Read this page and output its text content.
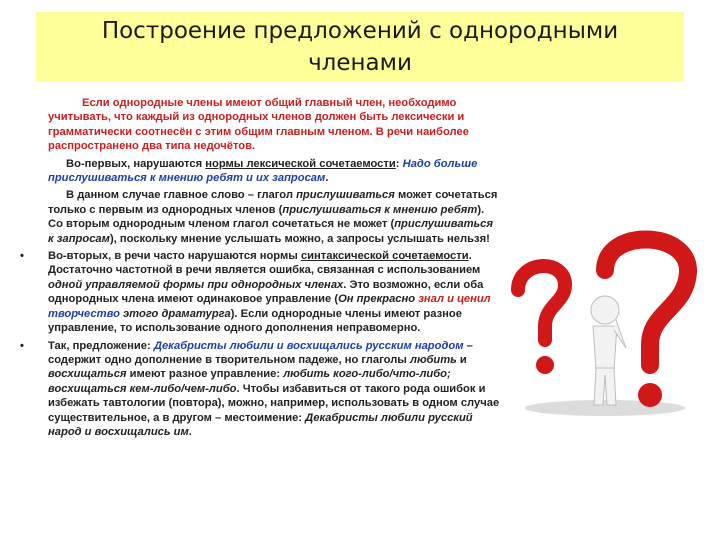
Построение предложений с однородными членами

Если однородные члены имеют общий главный член, необходимо учитывать, что каждый из однородных членов должен быть лексически и грамматически соотнесён с этим общим главным членом. В речи наиболее распространено два типа недочётов.

Во-первых, нарушаются нормы лексической сочетаемости: Надо больше прислушиваться к мнению ребят и их запросам.

В данном случае главное слово – глагол прислушиваться может сочетаться только с первым из однородных членов (прислушиваться к мнению ребят). Со вторым однородным членом глагол сочетаться не может (прислушиваться к запросам), поскольку мнение услышать можно, а запросы услышать нельзя!

• Во-вторых, в речи часто нарушаются нормы синтаксической сочетаемости. Достаточно частотной в речи является ошибка, связанная с использованием одной управляемой формы при однородных членах. Это возможно, если оба однородных члена имеют одинаковое управление (Он прекрасно знал и ценил творчество этого драматурга). Если однородные члены имеют разное управление, то использование одного дополнения неправомерно.

• Так, предложение: Декабристы любили и восхищались русским народом – содержит одно дополнение в творительном падеже, но глаголы любить и восхищаться имеют разное управление: любить кого-либо/что-либо; восхищаться кем-либо/чем-либо. Чтобы избавиться от такого рода ошибок и избежать тавтологии (повтора), можно, например, использовать в одном случае существительное, а в другом – местоимение: Декабристы любили русский народ и восхищались им.
